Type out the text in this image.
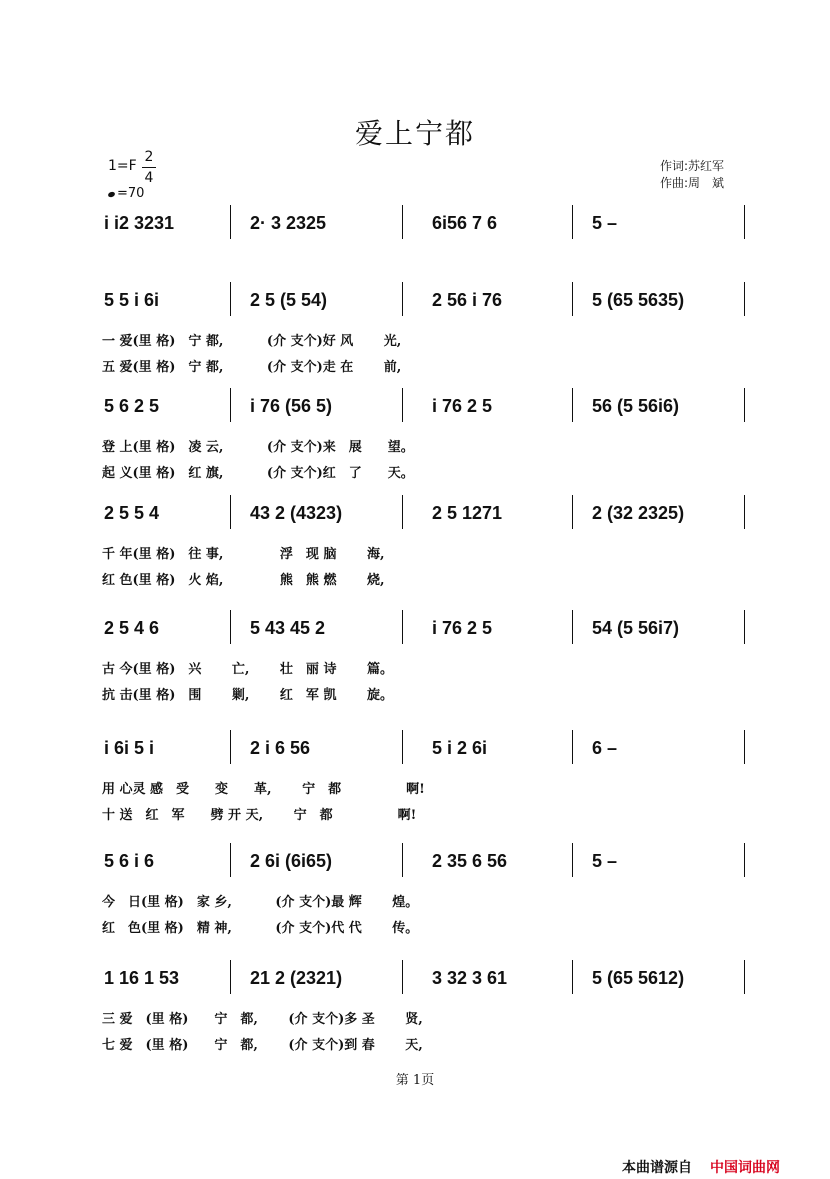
爱上宁都
1=F
2
4
=70
作词:苏红军
作曲:周　斌
i i2 3231	2· 3 2325	6i56 7 6	5 –
5 5 i 6i	2 5 (5 54)	2 56 i 76	5 (65 5635)
一 爱(里 格)　宁 都,　　　 (介 支个)好 风　　 光,
五 爱(里 格)　宁 都,　　　 (介 支个)走 在　　 前,
5 6 2 5	i 76 (56 5)	i 76 2 5	56 (5 56i6)
登 上(里 格)　凌 云,　　　 (介 支个)来　展　　望。
起 义(里 格)　红 旗,　　　 (介 支个)红　了　　天。
2 5 5 4	43 2 (4323)	2 5 1271	2 (32 2325)
千 年(里 格)　往 事,　　　　 浮　现 脑　　 海,
红 色(里 格)　火 焰,　　　　 熊　熊 燃　　 烧,
2 5 4 6	5 43 45 2	i 76 2 5	54 (5 56i7)
古 今(里 格)　兴　　 亡,　　 壮　丽 诗　　 篇。
抗 击(里 格)　围　　 剿,　　 红　军 凯　　 旋。
i 6i 5 i	2 i 6 56	5 i 2 6i	6 –
用 心灵 感　受　　变　　革,　　 宁　都　　　　　啊!
十 送　红　军　　劈 开 天,　　 宁　都　　　　　啊!
5 6 i 6	2 6i (6i65)	2 35 6 56	5 –
今　日(里 格)　家 乡,　　　 (介 支个)最 辉　　 煌。
红　色(里 格)　精 神,　　　 (介 支个)代 代　　 传。
1 16 1 53	21 2 (2321)	3 32 3 61	5 (65 5612)
三 爱　(里 格)　　宁　都,　　 (介 支个)多 圣　　 贤,
七 爱　(里 格)　　宁　都,　　 (介 支个)到 春　　 天,
第 1页
本曲谱源自 中国词曲网
